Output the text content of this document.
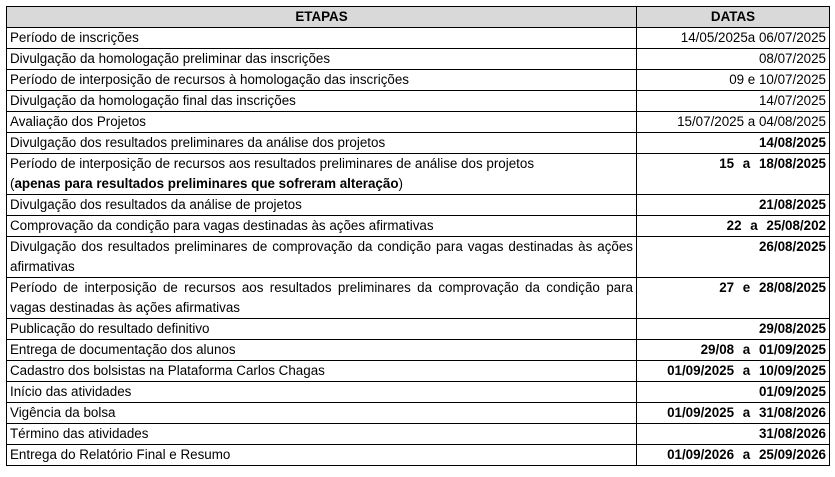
ETAPAS	DATAS
Período de inscrições	14/05/2025a 06/07/2025
Divulgação da homologação preliminar das inscrições	08/07/2025
Período de interposição de recursos à homologação das inscrições	09 e 10/07/2025
Divulgação da homologação final das inscrições	14/07/2025
Avaliação dos Projetos	15/07/2025 a 04/08/2025
Divulgação dos resultados preliminares da análise dos projetos	14/08/2025
Período de interposição de recursos aos resultados preliminares de análise dos projetos
(apenas para resultados preliminares que sofreram alteração)	15 a 18/08/2025
Divulgação dos resultados da análise de projetos	21/08/2025
Comprovação da condição para vagas destinadas às ações afirmativas	22 a 25/08/202
Divulgação dos resultados preliminares de comprovação da condição para vagas destinadas às ações afirmativas	26/08/2025
Período de interposição de recursos aos resultados preliminares da comprovação da condição para vagas destinadas às ações afirmativas	27 e 28/08/2025
Publicação do resultado definitivo	29/08/2025
Entrega de documentação dos alunos	29/08 a 01/09/2025
Cadastro dos bolsistas na Plataforma Carlos Chagas	01/09/2025 a 10/09/2025
Início das atividades	01/09/2025
Vigência da bolsa	01/09/2025 a 31/08/2026
Término das atividades	31/08/2026
Entrega do Relatório Final e Resumo	01/09/2026 a 25/09/2026
